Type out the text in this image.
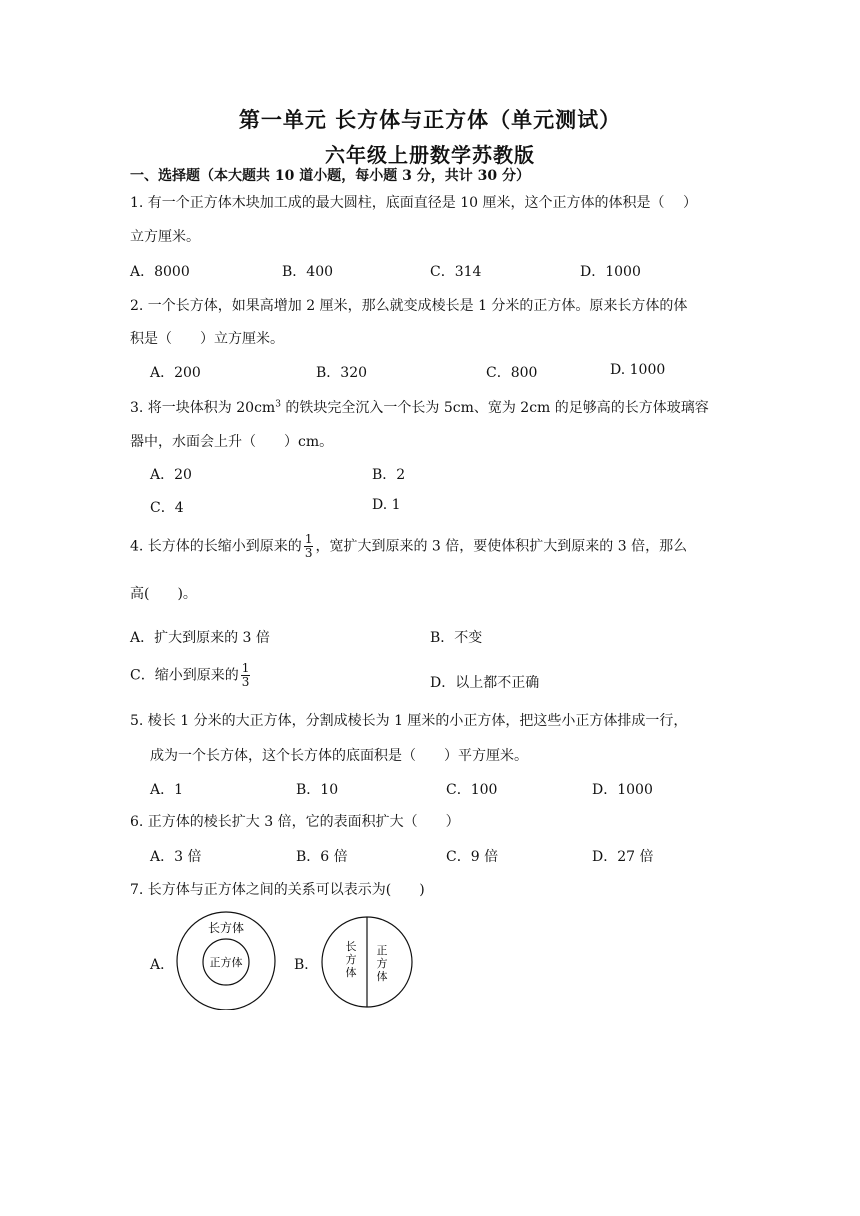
第一单元 长方体与正方体（单元测试）
六年级上册数学苏教版
一、选择题（本大题共 10 道小题，每小题 3 分，共计 30 分）
1. 有一个正方体木块加工成的最大圆柱，底面直径是 10 厘米，这个正方体的体积是（　 ）
立方厘米。
A．8000	B．400	C．314	D．1000
2. 一个长方体，如果高增加 2 厘米，那么就变成棱长是 1 分米的正方体。原来长方体的体
积是（　　）立方厘米。
A．200	B．320	C．800	D. 1000
3. 将一块体积为 $20cm^3$ 的铁块完全沉入一个长为 5cm、宽为 2cm 的足够高的长方体玻璃容
器中，水面会上升（　　）cm。
A．20	B．2
C．4	D. 1
4. 长方体的长缩小到原来的 $\frac{1}{3}$ ，宽扩大到原来的 3 倍，要使体积扩大到原来的 3 倍，那么
高(　　)。
A．扩大到原来的 3 倍	B．不变
C．缩小到原来的 $\frac{1}{3}$	D．以上都不正确
5. 棱长 1 分米的大正方体，分割成棱长为 1 厘米的小正方体，把这些小正方体排成一行，
成为一个长方体，这个长方体的底面积是（　　）平方厘米。
A．1	B．10	C．100	D．1000
6. 正方体的棱长扩大 3 倍，它的表面积扩大（　　）
A．3 倍	B．6 倍	C．9 倍	D．27 倍
7. 长方体与正方体之间的关系可以表示为(　　)
A．	B．
长方体
正方体
长
方
体
正
方
体
